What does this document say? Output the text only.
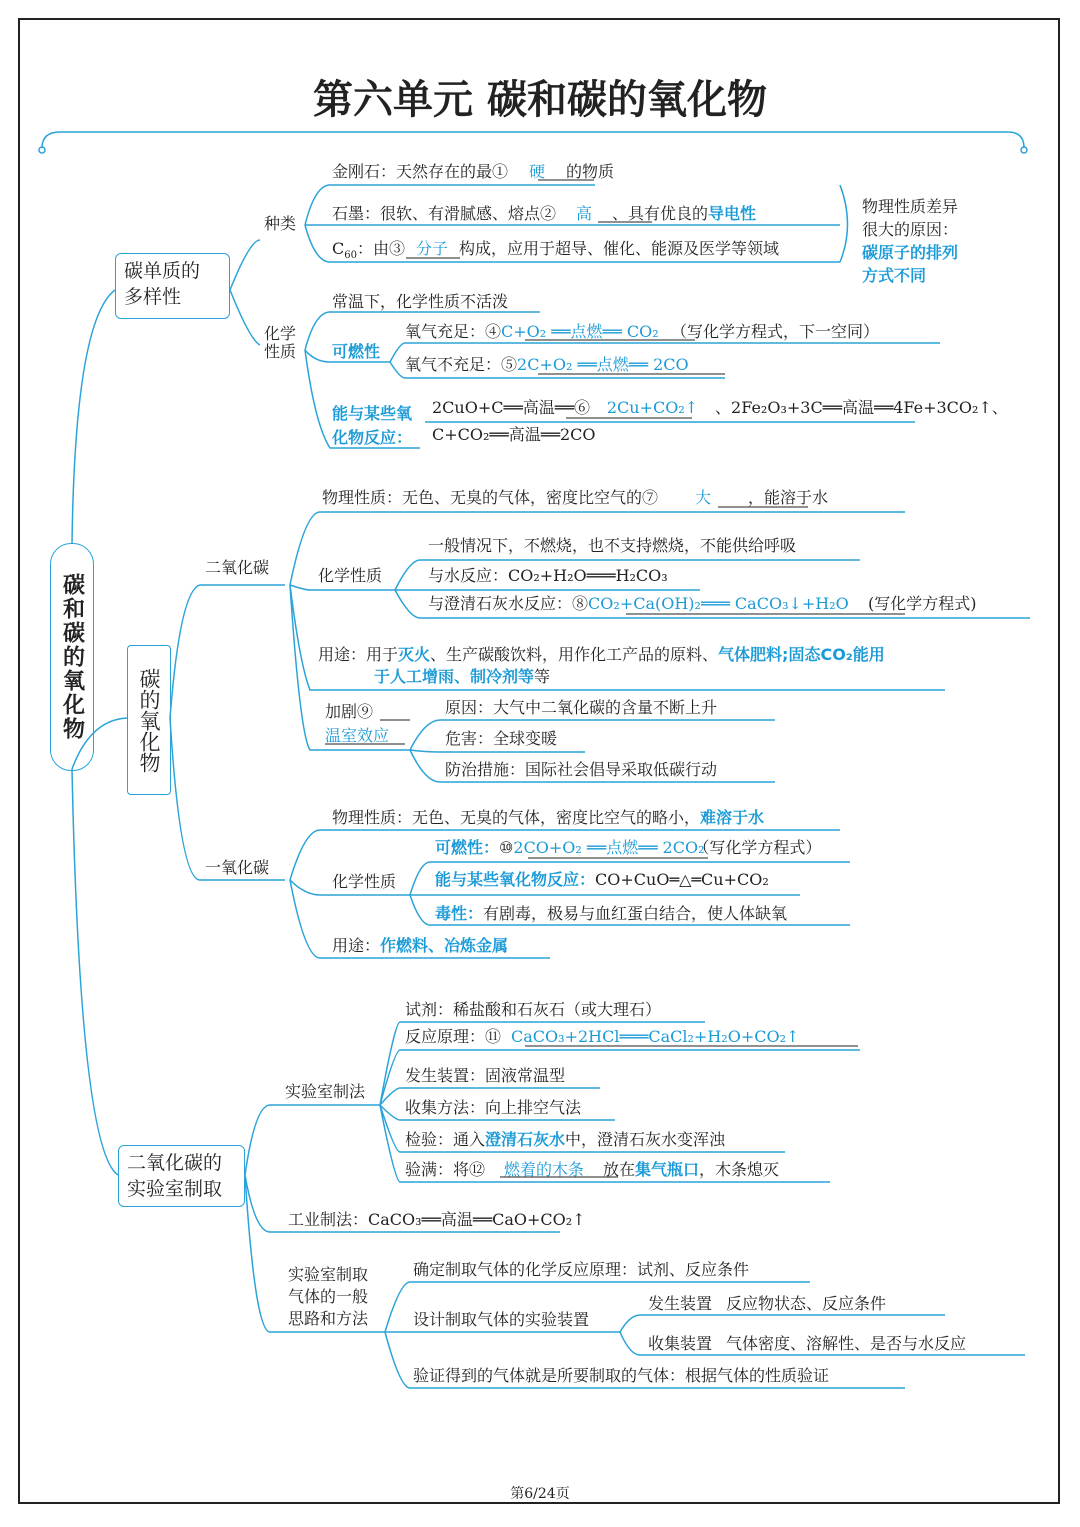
第六单元 碳和碳的氧化物
碳和碳的氧化物
碳单质的
多样性
种类
金刚石：天然存在的最① 硬 的物质
石墨：很软、有滑腻感、熔点② 高 、具有优良的导电性
$C_{60}$：由③ 分子 构成，应用于超导、催化、能源及医学等领域
物理性质差异
很大的原因：
碳原子的排列
方式不同
化学
性质
常温下，化学性质不活泼
可燃性
氧气充足：④C+O₂ ══点燃══ CO₂ （写化学方程式，下一空同）
氧气不充足：⑤2C+O₂ ══点燃══ 2CO
能与某些氧
化物反应：
2CuO+C══高温══⑥ 2Cu+CO₂↑ 、2Fe₂O₃+3C══高温══4Fe+3CO₂↑、
C+CO₂══高温══2CO
碳的氧化物
二氧化碳
物理性质：无色、无臭的气体，密度比空气的⑦ 大 ，能溶于水
化学性质
一般情况下，不燃烧，也不支持燃烧，不能供给呼吸
与水反应：CO₂+H₂O═══H₂CO₃
与澄清石灰水反应：⑧CO₂+Ca(OH)₂═══ CaCO₃↓+H₂O (写化学方程式)
用途：用于灭火、生产碳酸饮料，用作化工产品的原料、气体肥料;固态CO₂能用
于人工增雨、制冷剂等等
加剧⑨
温室效应
原因：大气中二氧化碳的含量不断上升
危害：全球变暖
防治措施：国际社会倡导采取低碳行动
一氧化碳
物理性质：无色、无臭的气体，密度比空气的略小，难溶于水
化学性质
可燃性：⑩2CO+O₂ ══点燃══ 2CO₂（写化学方程式）
能与某些氧化物反应：CO+CuO═△═Cu+CO₂
毒性：有剧毒，极易与血红蛋白结合，使人体缺氧
用途：作燃料、冶炼金属
二氧化碳的
实验室制取
实验室制法
试剂：稀盐酸和石灰石（或大理石）
反应原理：⑪ CaCO₃+2HCl═══CaCl₂+H₂O+CO₂↑
发生装置：固液常温型
收集方法：向上排空气法
检验：通入澄清石灰水中，澄清石灰水变浑浊
验满：将⑫ 燃着的木条 放在集气瓶口，木条熄灭
工业制法：CaCO₃══高温══CaO+CO₂↑
实验室制取
气体的一般
思路和方法
确定制取气体的化学反应原理：试剂、反应条件
设计制取气体的实验装置
发生装置 反应物状态、反应条件
收集装置 气体密度、溶解性、是否与水反应
验证得到的气体就是所要制取的气体：根据气体的性质验证
第6/24页
